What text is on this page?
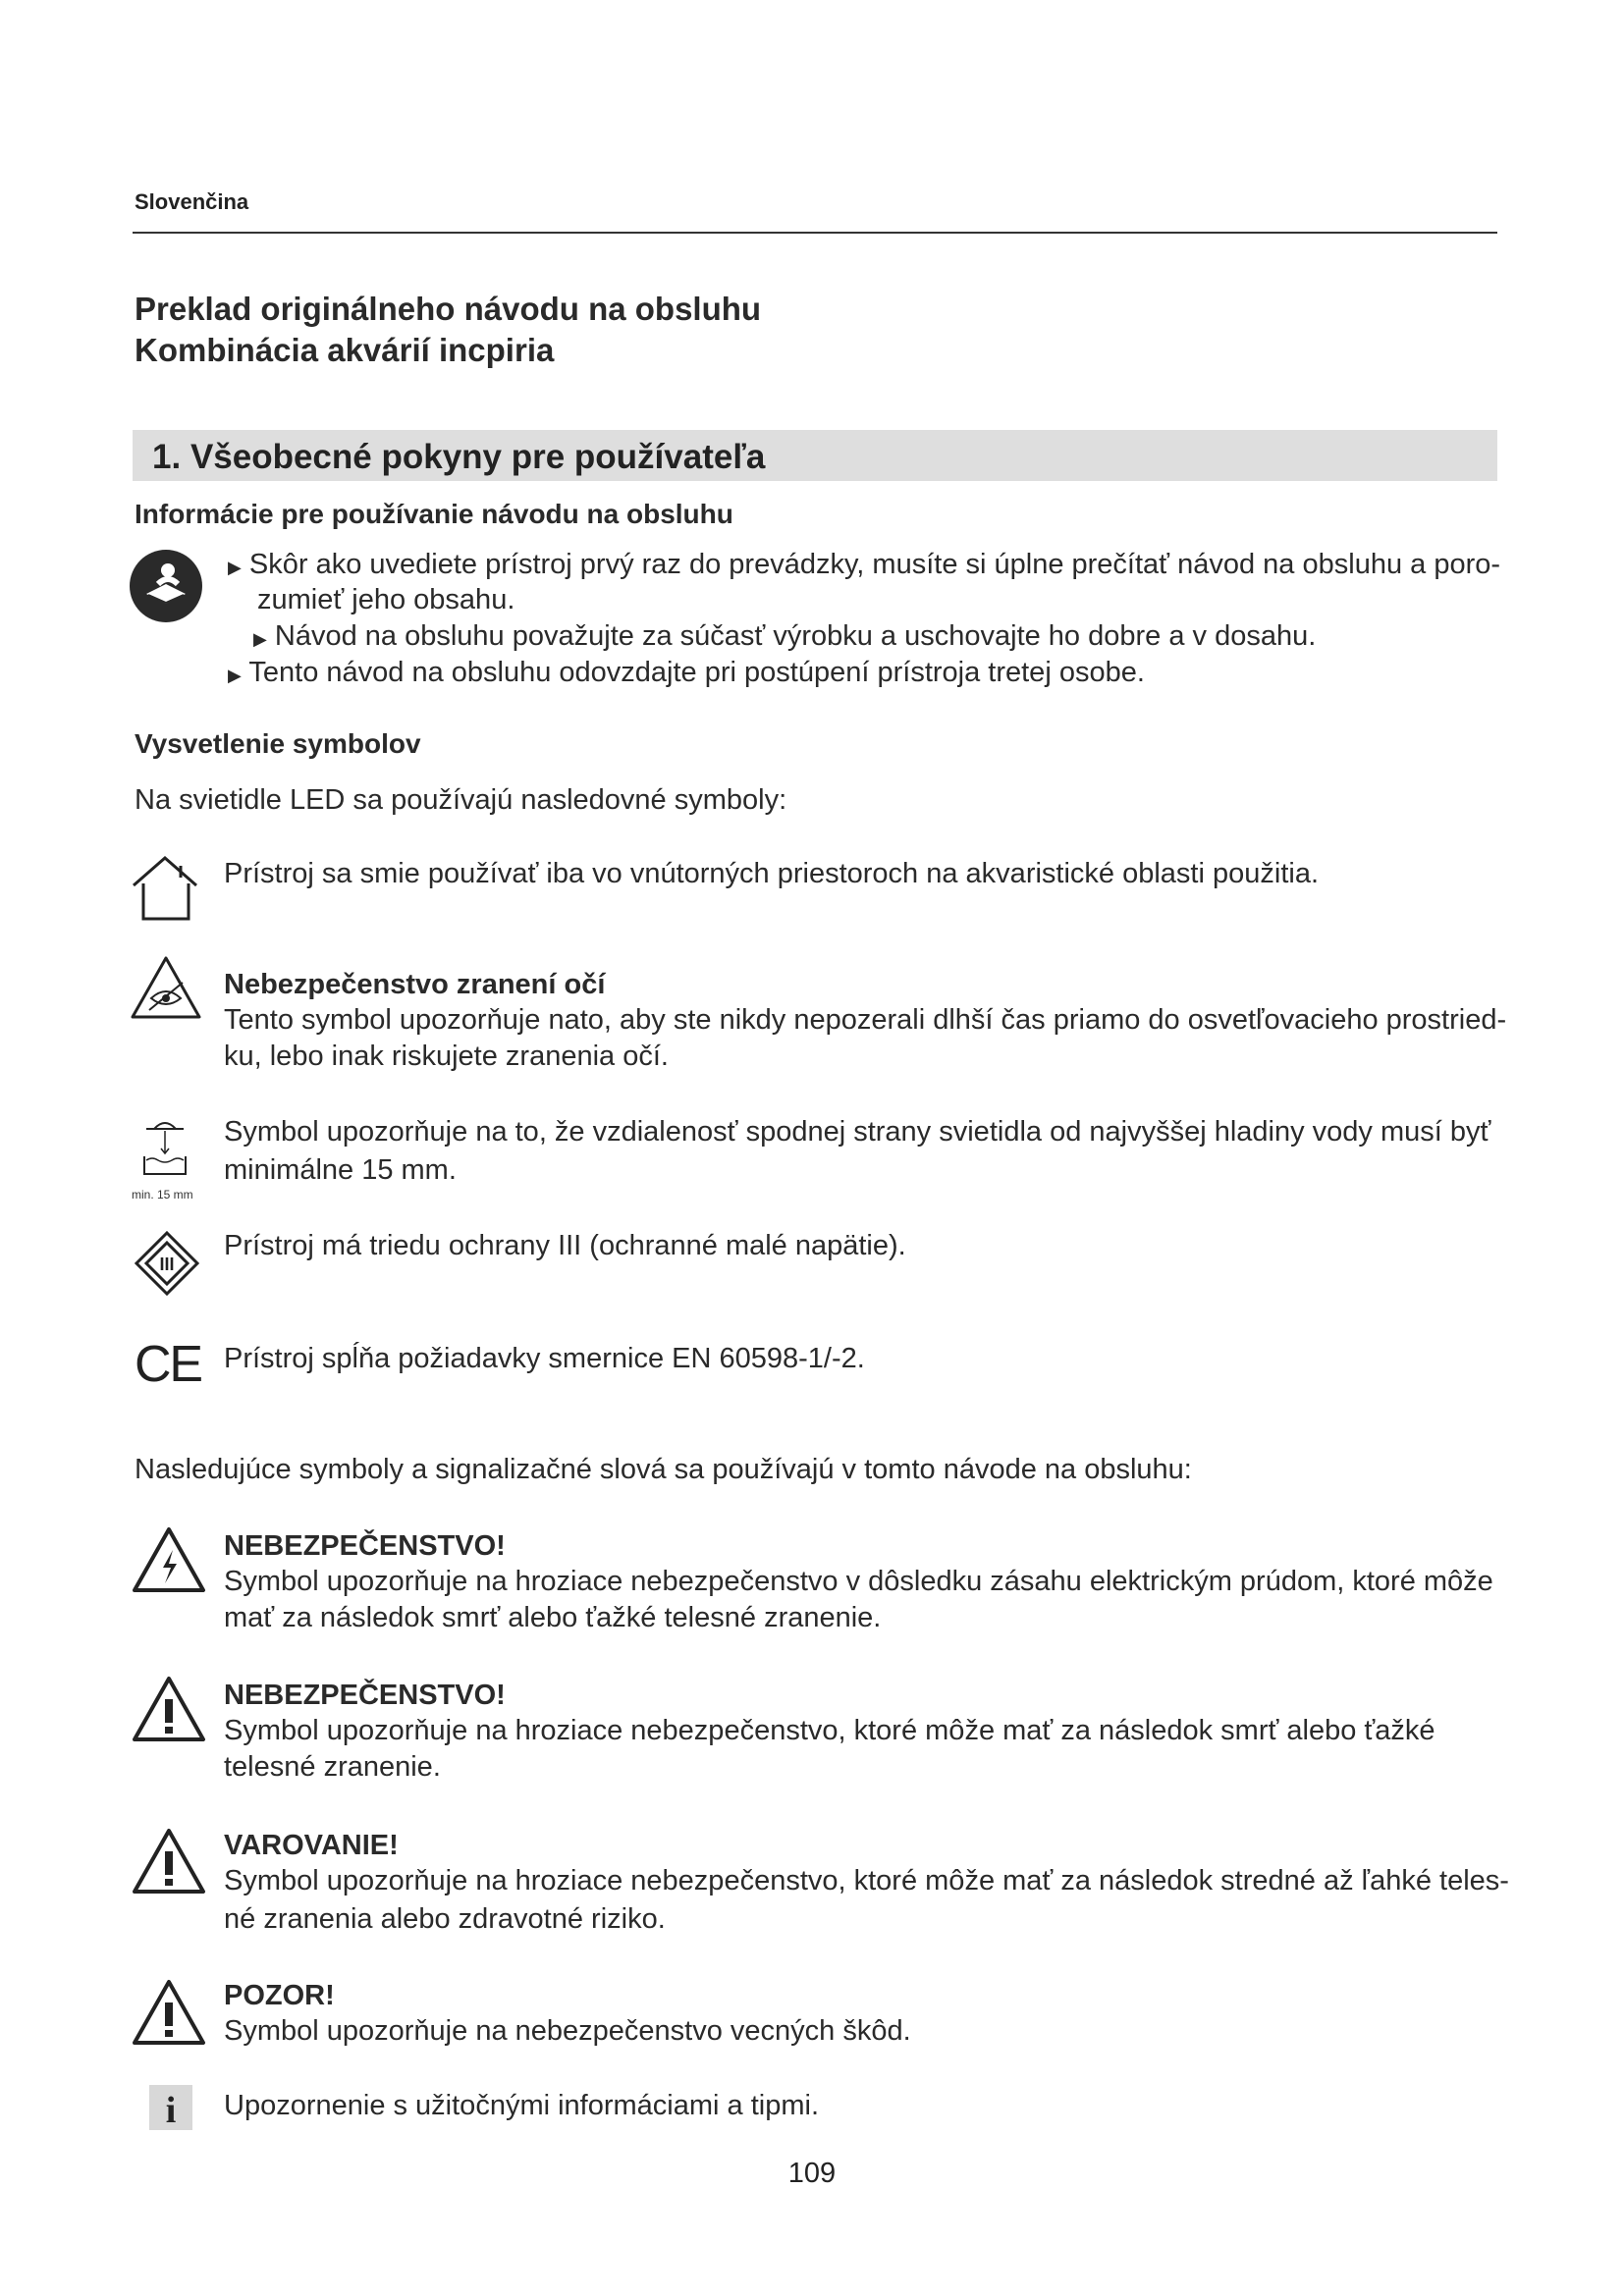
Slovenčina
Preklad originálneho návodu na obsluhu
Kombinácia akvárií incpiria
1. Všeobecné pokyny pre používateľa
Informácie pre používanie návodu na obsluhu
▶ Skôr ako uvediete prístroj prvý raz do prevádzky, musíte si úplne prečítať návod na obsluhu a poro-
zumieť jeho obsahu.
▶ Návod na obsluhu považujte za súčasť výrobku a uschovajte ho dobre a v dosahu.
▶ Tento návod na obsluhu odovzdajte pri postúpení prístroja tretej osobe.
Vysvetlenie symbolov
Na svietidle LED sa používajú nasledovné symboly:
Prístroj sa smie používať iba vo vnútorných priestoroch na akvaristické oblasti použitia.
Nebezpečenstvo zranení očí
Tento symbol upozorňuje nato, aby ste nikdy nepozerali dlhší čas priamo do osvetľovacieho prostried-
ku, lebo inak riskujete zranenia očí.
min. 15 mm
Symbol upozorňuje na to, že vzdialenosť spodnej strany svietidla od najvyššej hladiny vody musí byť
minimálne 15 mm.
III
Prístroj má triedu ochrany III (ochranné malé napätie).
CE Prístroj spĺňa požiadavky smernice EN 60598-1/-2.
Nasledujúce symboly a signalizačné slová sa používajú v tomto návode na obsluhu:
NEBEZPEČENSTVO!
Symbol upozorňuje na hroziace nebezpečenstvo v dôsledku zásahu elektrickým prúdom, ktoré môže
mať za následok smrť alebo ťažké telesné zranenie.
NEBEZPEČENSTVO!
Symbol upozorňuje na hroziace nebezpečenstvo, ktoré môže mať za následok smrť alebo ťažké
telesné zranenie.
VAROVANIE!
Symbol upozorňuje na hroziace nebezpečenstvo, ktoré môže mať za následok stredné až ľahké teles-
né zranenia alebo zdravotné riziko.
POZOR!
Symbol upozorňuje na nebezpečenstvo vecných škôd.
i Upozornenie s užitočnými informáciami a tipmi.
109
